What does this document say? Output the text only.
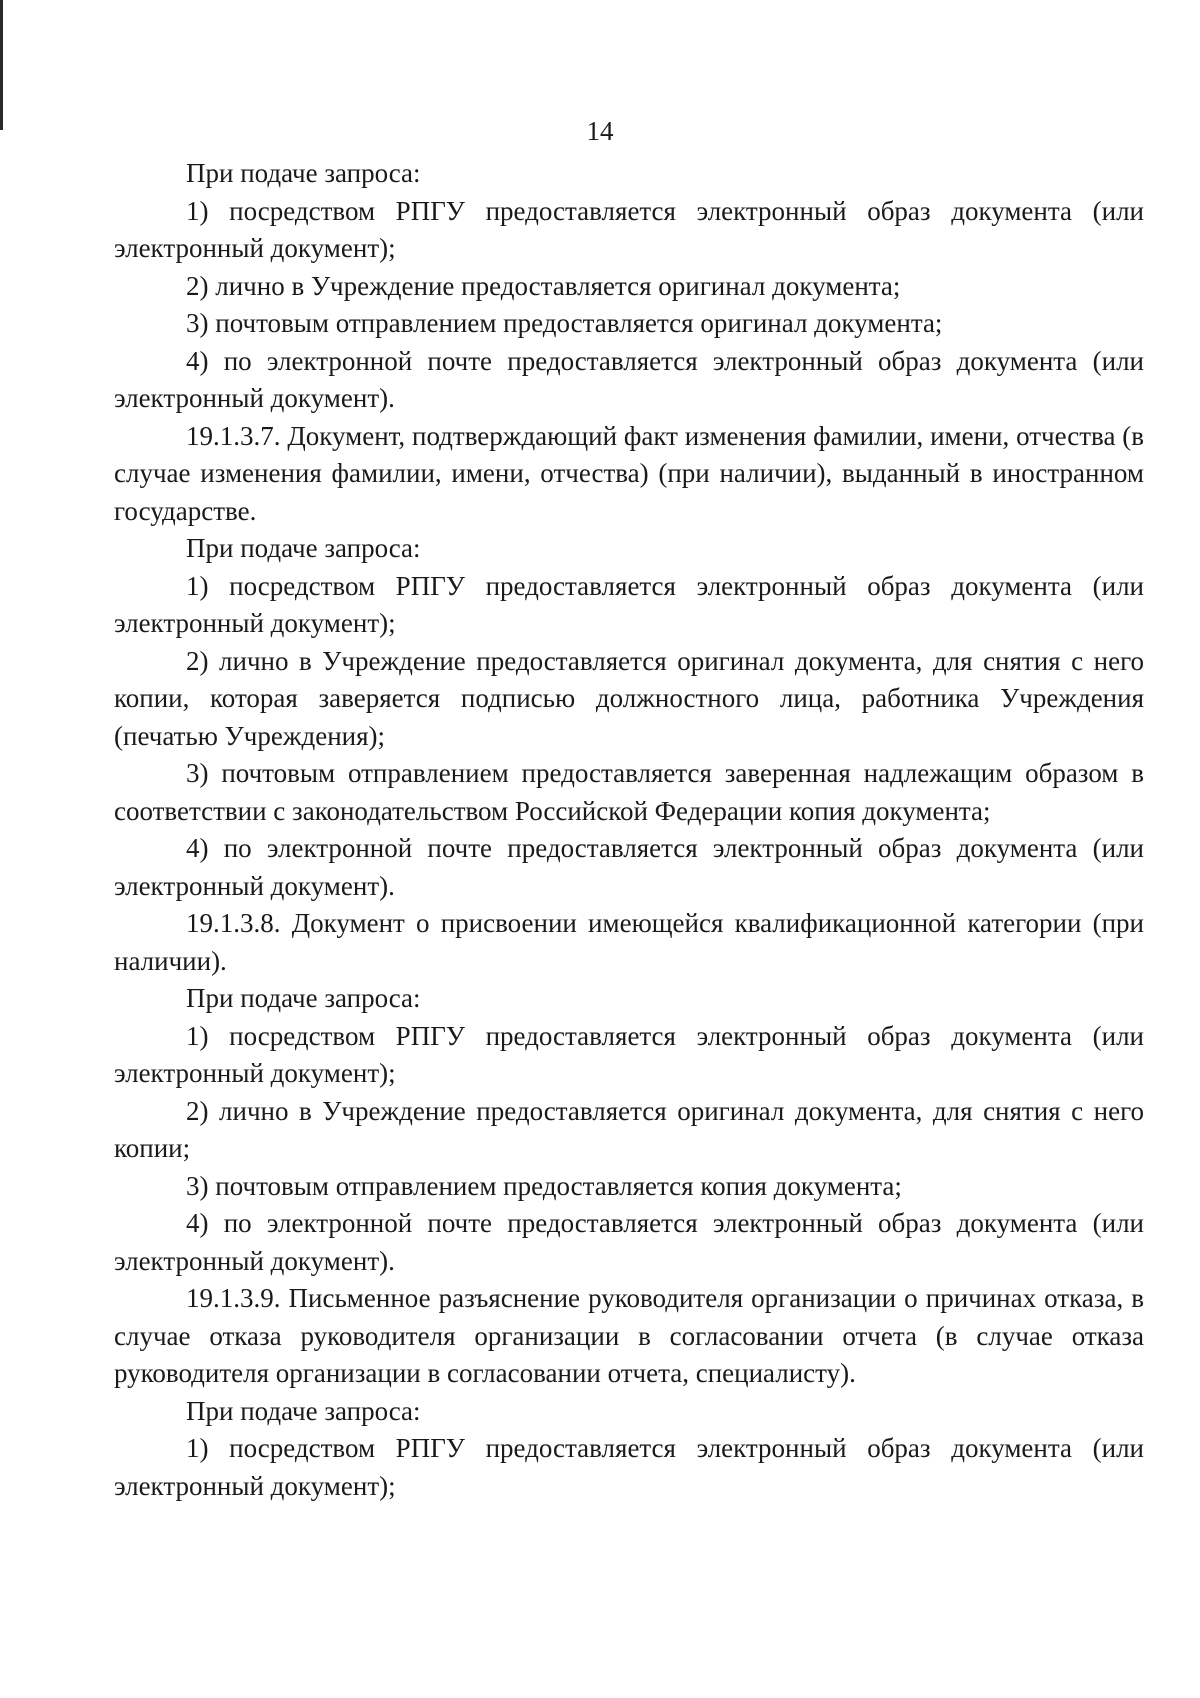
14

При подаче запроса:

1) посредством РПГУ предоставляется электронный образ документа (или электронный документ);

2) лично в Учреждение предоставляется оригинал документа;

3) почтовым отправлением предоставляется оригинал документа;

4) по электронной почте предоставляется электронный образ документа (или электронный документ).

19.1.3.7. Документ, подтверждающий факт изменения фамилии, имени, отчества (в случае изменения фамилии, имени, отчества) (при наличии), выданный в иностранном государстве.

При подаче запроса:

1) посредством РПГУ предоставляется электронный образ документа (или электронный документ);

2) лично в Учреждение предоставляется оригинал документа, для снятия с него копии, которая заверяется подписью должностного лица, работника Учреждения (печатью Учреждения);

3) почтовым отправлением предоставляется заверенная надлежащим образом в соответствии с законодательством Российской Федерации копия документа;

4) по электронной почте предоставляется электронный образ документа (или электронный документ).

19.1.3.8. Документ о присвоении имеющейся квалификационной категории (при наличии).

При подаче запроса:

1) посредством РПГУ предоставляется электронный образ документа (или электронный документ);

2) лично в Учреждение предоставляется оригинал документа, для снятия с него копии;

3) почтовым отправлением предоставляется копия документа;

4) по электронной почте предоставляется электронный образ документа (или электронный документ).

19.1.3.9. Письменное разъяснение руководителя организации о причинах отказа, в случае отказа руководителя организации в согласовании отчета (в случае отказа руководителя организации в согласовании отчета, специалисту).

При подаче запроса:

1) посредством РПГУ предоставляется электронный образ документа (или электронный документ);
